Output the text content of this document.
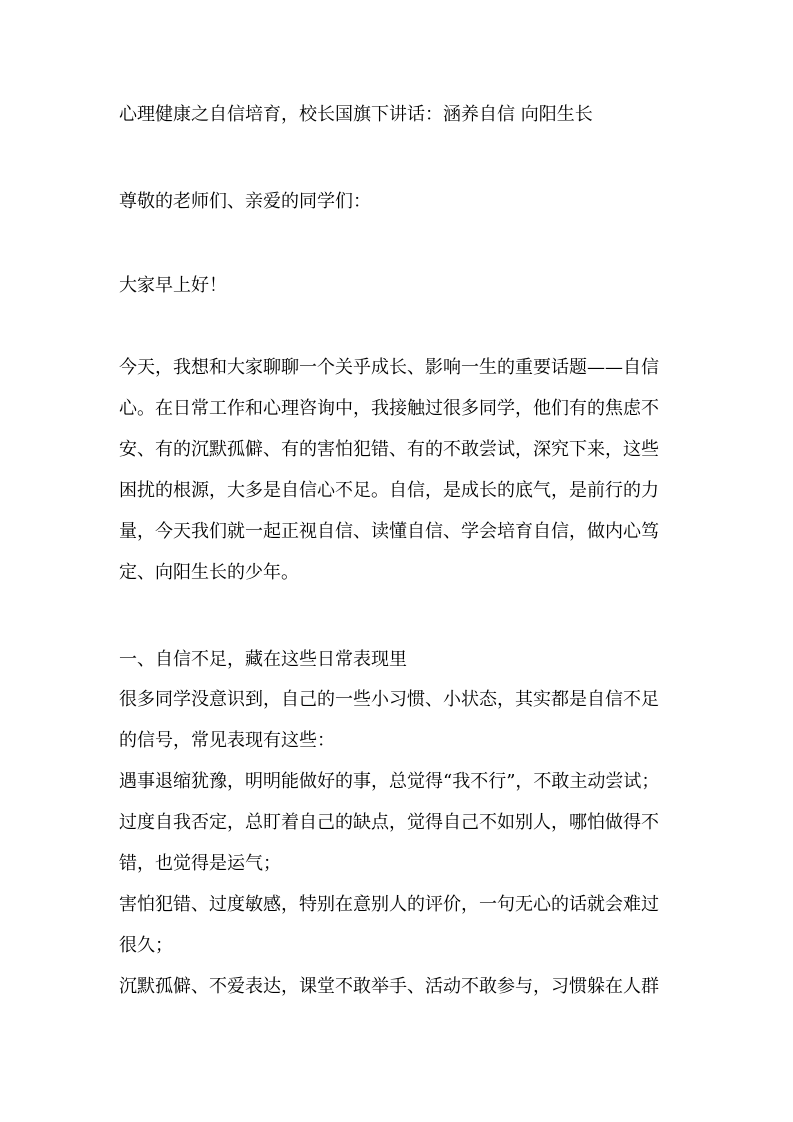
心理健康之自信培育，校长国旗下讲话：涵养自信 向阳生长
尊敬的老师们、亲爱的同学们：
大家早上好！
今天，我想和大家聊聊一个关乎成长、影响一生的重要话题——自信
心。在日常工作和心理咨询中，我接触过很多同学，他们有的焦虑不
安、有的沉默孤僻、有的害怕犯错、有的不敢尝试，深究下来，这些
困扰的根源，大多是自信心不足。自信，是成长的底气，是前行的力
量，今天我们就一起正视自信、读懂自信、学会培育自信，做内心笃
定、向阳生长的少年。
一、自信不足，藏在这些日常表现里
很多同学没意识到，自己的一些小习惯、小状态，其实都是自信不足
的信号，常见表现有这些：
遇事退缩犹豫，明明能做好的事，总觉得“我不行”，不敢主动尝试；
过度自我否定，总盯着自己的缺点，觉得自己不如别人，哪怕做得不
错，也觉得是运气；
害怕犯错、过度敏感，特别在意别人的评价，一句无心的话就会难过
很久；
沉默孤僻、不爱表达，课堂不敢举手、活动不敢参与，习惯躲在人群
